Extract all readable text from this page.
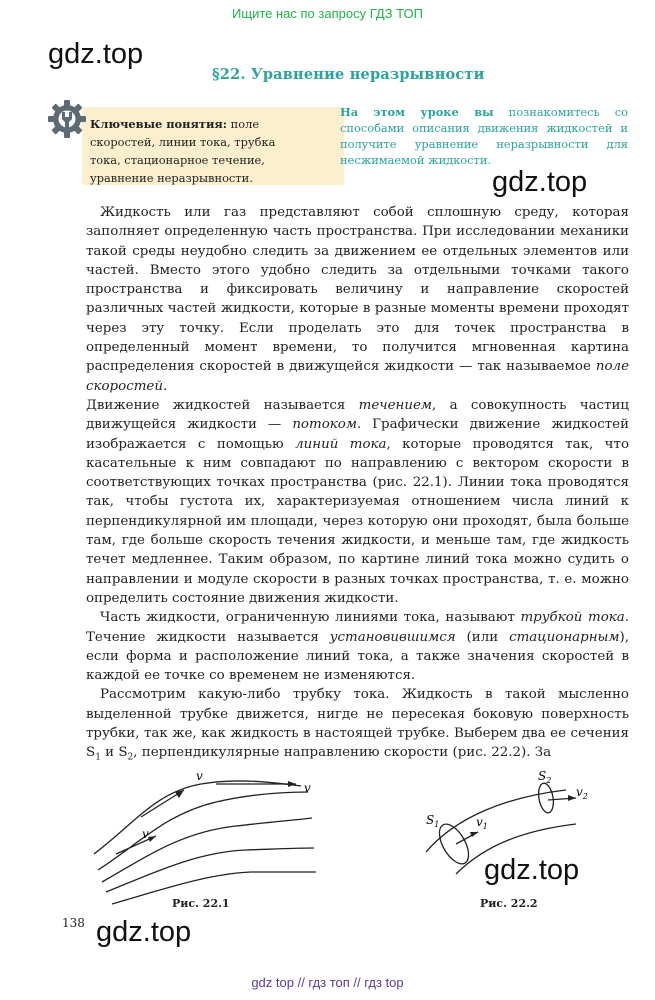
Ищите нас по запросу ГДЗ ТОП
gdz.top
gdz.top
gdz.top
gdz.top
§22. Уравнение неразрывности
Ключевые понятия: поле скоростей, линии тока, трубка тока, стационарное течение, уравнение неразрывности.
На этом уроке вы познакомитесь со способами описания движения жидкостей и получите уравнение неразрывности для несжимаемой жидкости.

Жидкость или газ представляют собой сплошную среду, которая заполняет определенную часть пространства. При исследовании механики такой среды неудобно следить за движением ее отдельных элементов или частей. Вместо этого удобно следить за отдельными точками такого пространства и фиксировать величину и направление скоростей различных частей жидкости, которые в разные моменты времени проходят через эту точку. Если проделать это для точек пространства в определенный момент времени, то получится мгновенная картина распределения скоростей в движущейся жидкости — так называемое поле скоростей.

Движение жидкостей называется течением, а совокупность частиц движущейся жидкости — потоком. Графически движение жидкостей изображается с помощью линий тока, которые проводятся так, что касательные к ним совпадают по направлению с вектором скорости в соответствующих точках пространства (рис. 22.1). Линии тока проводятся так, чтобы густота их, характеризуемая отношением числа линий к перпендикулярной им площади, через которую они проходят, была больше там, где больше скорость течения жидкости, и меньше там, где жидкость течет медленнее. Таким образом, по картине линий тока можно судить о направлении и модуле скорости в разных точках пространства, т. е. можно определить состояние движения жидкости.

Часть жидкости, ограниченную линиями тока, называют трубкой тока. Течение жидкости называется установившимся (или стационарным), если форма и расположение линий тока, а также значения скоростей в каждой ее точке со временем не изменяются.

Рассмотрим какую-либо трубку тока. Жидкость в такой мысленно выделенной трубке движется, нигде не пересекая боковую поверхность трубки, так же, как жидкость в настоящей трубке. Выберем два ее сечения $S_1$ и $S_2$, перпендикулярные направлению скорости (рис. 22.2). За

v
v
v
$S_1$
$S_2$
$v_1$
$v_2$
Рис. 22.1	Рис. 22.2
138
gdz top // гдз топ // гдз top
